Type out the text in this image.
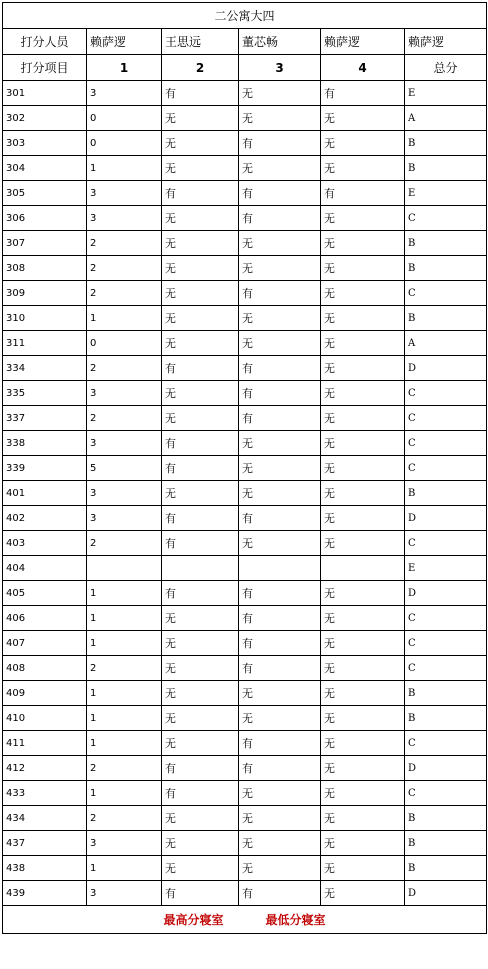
二公寓大四					
打分人员	赖萨逻	王思远	董芯畅	赖萨逻	赖萨逻
打分项目	1	2	3	4	总分
301	3	有	无	有	E
302	0	无	无	无	A
303	0	无	有	无	B
304	1	无	无	无	B
305	3	有	有	有	E
306	3	无	有	无	C
307	2	无	无	无	B
308	2	无	无	无	B
309	2	无	有	无	C
310	1	无	无	无	B
311	0	无	无	无	A
334	2	有	有	无	D
335	3	无	有	无	C
337	2	无	有	无	C
338	3	有	无	无	C
339	5	有	无	无	C
401	3	无	无	无	B
402	3	有	有	无	D
403	2	有	无	无	C
404					E
405	1	有	有	无	D
406	1	无	有	无	C
407	1	无	有	无	C
408	2	无	有	无	C
409	1	无	无	无	B
410	1	无	无	无	B
411	1	无	有	无	C
412	2	有	有	无	D
433	1	有	无	无	C
434	2	无	无	无	B
437	3	无	无	无	B
438	1	无	无	无	B
439	3	有	有	无	D
最高分寝室 最低分寝室					
